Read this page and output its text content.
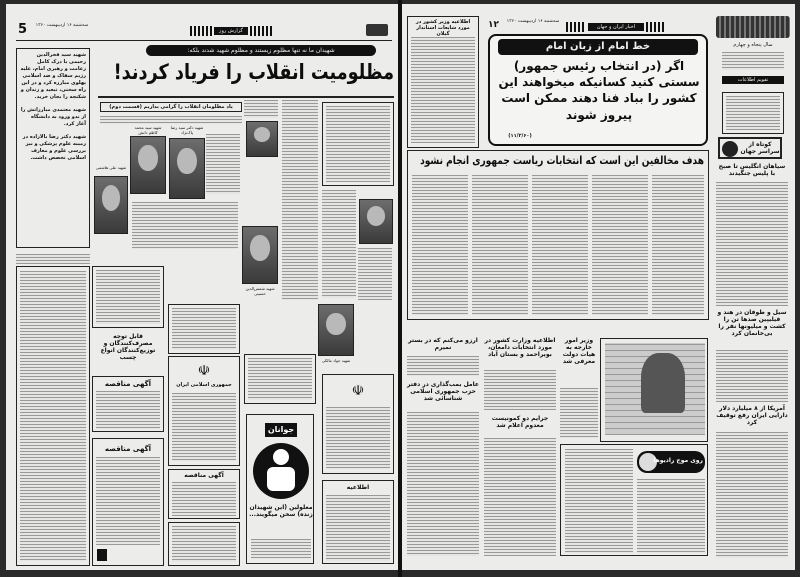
5	سه‌شنبه ۱۶ اردیبهشت ۱۳۶۰
گزارش روز
شهیدان ما نه تنها مظلوم زیستند و مظلوم شهید شدند بلکه:
مظلومیت انقلاب را فریاد کردند!
شهید سید فخرالدین رحیمی با درک کامل زعامت و رهبری امام، علیه رژیم سفاک و ضد اسلامی پهلوی مبارزه کرد و در این راه سختی، تبعید و زندان و شکنجه را بجان خرید.
شهید معتمدی مبارزاتش را از بدو ورود به دانشگاه آغاز کرد.
شهید دکتر رضا بالازاده در زمینه علوم پزشکی و نیز بررسی علوم و معارف اسلامی تخصص داشت.
یاد مظلومان انقلاب را گرامی بداریم (قسمت دوم)
شهید سید محمد کاظم دانش
شهید دکتر سید رضا پاک‌نژاد
شهید علی هاشمی
شهید شمس‌الدین حسینی
شهید جواد مالکی
قابل توجه مصرف‌کنندگان و توزیع‌کنندگان انواع چسب
آگهی مناقصه
آگهی مناقصه
☫
جمهوری اسلامی ایران
آگهی مناقصه
جوانان
معلولین (این شهیدان زنده) سخن میگویند...
☫
اطلاعیه
اطلاعیه وزیر کشور در مورد شایعات استاندار گیلان
۱۲	سه‌شنبه ۱۶ اردیبهشت ۱۳۶۰
اخبار ایران و جهان
خط امام از زبان امام
اگر (در انتخاب رئیس جمهور) سستی کنید کسانیکه میخواهند این کشور را بباد فنا دهند ممکن است پیروز شوند
(۱۱/۲/۶۰)
سال پنجاه و چهارم
تقویم اطلاعات
کوتاه از سراسر جهان
هدف مخالفین این است که انتخابات ریاست جمهوری انجام نشود	سیاهان انگلیس تا صبح با پلیس جنگیدند
سیل و طوفان در هند و فیلیپین صدها تن را کشت و میلیونها نفر را بی‌خانمان کرد
آمریکا از ۸ میلیارد دلار دارایی ایران رفع توقیف کرد
ارزو می‌کنم که در بستر نمیرم
عامل بمب‌گذاری در دفتر حزب جمهوری اسلامی شناسائی شد
اطلاعیه وزارت کشور در مورد انتخابات دامغان، بویراحمد و بستان آباد
جرایم دو کمونیست معدوم اعلام شد
وزیر امور خارجه به هیات دولت معرفی شد
روی موج رادیوها
